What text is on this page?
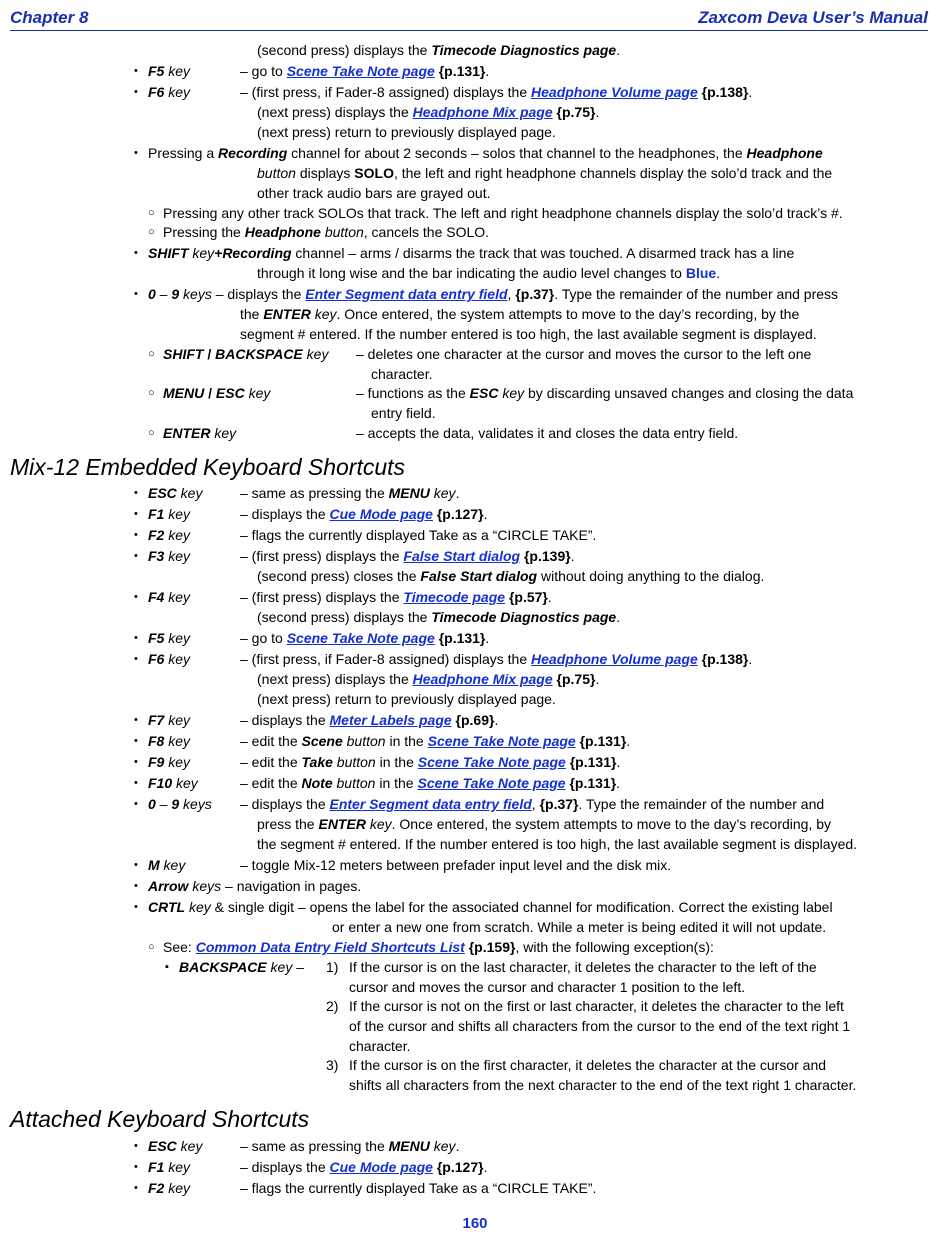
Chapter 8	Zaxcom Deva User’s Manual
(second press) displays the Timecode Diagnostics page.
• F5 key	– go to Scene Take Note page {p.131}.
• F6 key	– (first press, if Fader-8 assigned) displays the Headphone Volume page {p.138}.
(next press) displays the Headphone Mix page {p.75}.
(next press) return to previously displayed page.
• Pressing a Recording channel for about 2 seconds – solos that channel to the headphones, the Headphone
button displays SOLO, the left and right headphone channels display the solo’d track and the
other track audio bars are grayed out.
○ Pressing any other track SOLOs that track. The left and right headphone channels display the solo’d track’s #.
○ Pressing the Headphone button, cancels the SOLO.
• SHIFT key+Recording channel – arms / disarms the track that was touched. A disarmed track has a line
through it long wise and the bar indicating the audio level changes to Blue.
• 0 – 9 keys – displays the Enter Segment data entry field, {p.37}. Type the remainder of the number and press
the ENTER key. Once entered, the system attempts to move to the day’s recording, by the
segment # entered. If the number entered is too high, the last available segment is displayed.
○ SHIFT / BACKSPACE key – deletes one character at the cursor and moves the cursor to the left one
character.
○ MENU / ESC key	– functions as the ESC key by discarding unsaved changes and closing the data
entry field.
○ ENTER key	– accepts the data, validates it and closes the data entry field.
Mix-12 Embedded Keyboard Shortcuts
• ESC key	– same as pressing the MENU key.
• F1 key	– displays the Cue Mode page {p.127}.
• F2 key	– flags the currently displayed Take as a “CIRCLE TAKE”.
• F3 key	– (first press) displays the False Start dialog {p.139}.
(second press) closes the False Start dialog without doing anything to the dialog.
• F4 key	– (first press) displays the Timecode page {p.57}.
(second press) displays the Timecode Diagnostics page.
• F5 key	– go to Scene Take Note page {p.131}.
• F6 key	– (first press, if Fader-8 assigned) displays the Headphone Volume page {p.138}.
(next press) displays the Headphone Mix page {p.75}.
(next press) return to previously displayed page.
• F7 key	– displays the Meter Labels page {p.69}.
• F8 key	– edit the Scene button in the Scene Take Note page {p.131}.
• F9 key	– edit the Take button in the Scene Take Note page {p.131}.
• F10 key	– edit the Note button in the Scene Take Note page {p.131}.
• 0 – 9 keys – displays the Enter Segment data entry field, {p.37}. Type the remainder of the number and
press the ENTER key. Once entered, the system attempts to move to the day’s recording, by
the segment # entered. If the number entered is too high, the last available segment is displayed.
• M key	– toggle Mix-12 meters between prefader input level and the disk mix.
• Arrow keys – navigation in pages.
• CRTL key & single digit – opens the label for the associated channel for modification. Correct the existing label
or enter a new one from scratch. While a meter is being edited it will not update.
○ See: Common Data Entry Field Shortcuts List {p.159}, with the following exception(s):
▪ BACKSPACE key – 1) If the cursor is on the last character, it deletes the character to the left of the
cursor and moves the cursor and character 1 position to the left.
2) If the cursor is not on the first or last character, it deletes the character to the left
of the cursor and shifts all characters from the cursor to the end of the text right 1
character.
3) If the cursor is on the first character, it deletes the character at the cursor and
shifts all characters from the next character to the end of the text right 1 character.
Attached Keyboard Shortcuts
• ESC key	– same as pressing the MENU key.
• F1 key	– displays the Cue Mode page {p.127}.
• F2 key	– flags the currently displayed Take as a “CIRCLE TAKE”.
160
